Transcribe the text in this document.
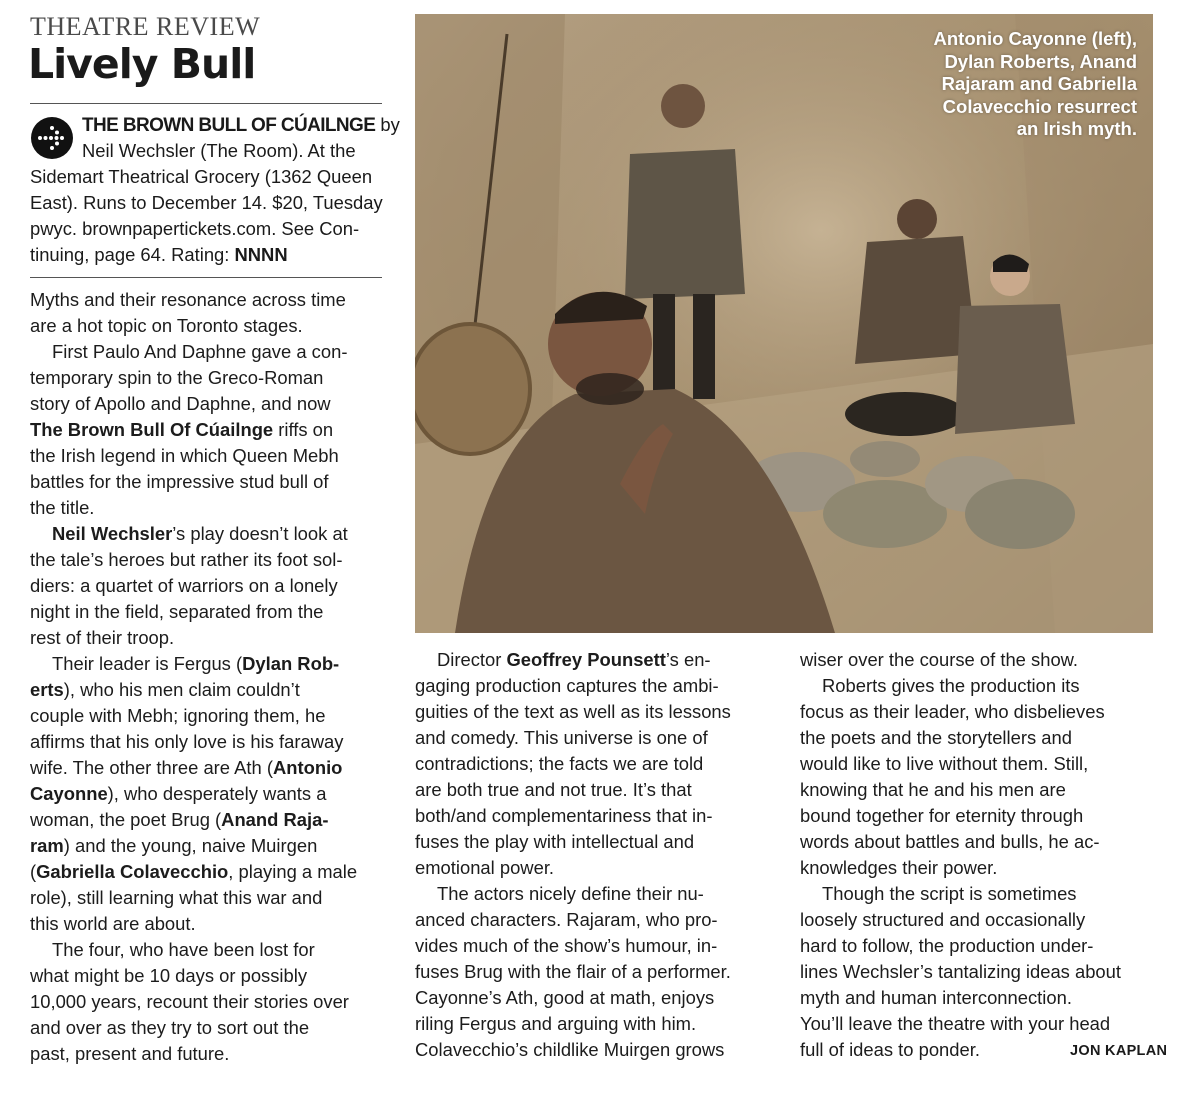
THEATRE REVIEW
Lively Bull
THE BROWN BULL OF CÚAILNGE by
Neil Wechsler (The Room). At the
Sidemart Theatrical Grocery (1362 Queen
East). Runs to December 14. $20, Tuesday
pwyc. brownpapertickets.com. See Con-
tinuing, page 64. Rating: NNNN
Antonio Cayonne (left),
Dylan Roberts, Anand
Rajaram and Gabriella
Colavecchio resurrect
an Irish myth.
Myths and their resonance across time
are a hot topic on Toronto stages.
First Paulo And Daphne gave a con-
temporary spin to the Greco-Roman
story of Apollo and Daphne, and now
The Brown Bull Of Cúailnge riffs on
the Irish legend in which Queen Mebh
battles for the impressive stud bull of
the title.
Neil Wechsler’s play doesn’t look at
the tale’s heroes but rather its foot sol-
diers: a quartet of warriors on a lonely
night in the field, separated from the
rest of their troop.
Their leader is Fergus (Dylan Rob-
erts), who his men claim couldn’t
couple with Mebh; ignoring them, he
affirms that his only love is his faraway
wife. The other three are Ath (Antonio
Cayonne), who desperately wants a
woman, the poet Brug (Anand Raja-
ram) and the young, naive Muirgen
(Gabriella Colavecchio, playing a male
role), still learning what this war and
this world are about.
The four, who have been lost for
what might be 10 days or possibly
10,000 years, recount their stories over
and over as they try to sort out the
past, present and future.
Director Geoffrey Pounsett’s en-
gaging production captures the ambi-
guities of the text as well as its lessons
and comedy. This universe is one of
contradictions; the facts we are told
are both true and not true. It’s that
both/and complementariness that in-
fuses the play with intellectual and
emotional power.
The actors nicely define their nu-
anced characters. Rajaram, who pro-
vides much of the show’s humour, in-
fuses Brug with the flair of a performer.
Cayonne’s Ath, good at math, enjoys
riling Fergus and arguing with him.
Colavecchio’s childlike Muirgen grows
wiser over the course of the show.
Roberts gives the production its
focus as their leader, who disbelieves
the poets and the storytellers and
would like to live without them. Still,
knowing that he and his men are
bound together for eternity through
words about battles and bulls, he ac-
knowledges their power.
Though the script is sometimes
loosely structured and occasionally
hard to follow, the production under-
lines Wechsler’s tantalizing ideas about
myth and human interconnection.
You’ll leave the theatre with your head
full of ideas to ponder.	JON KAPLAN
